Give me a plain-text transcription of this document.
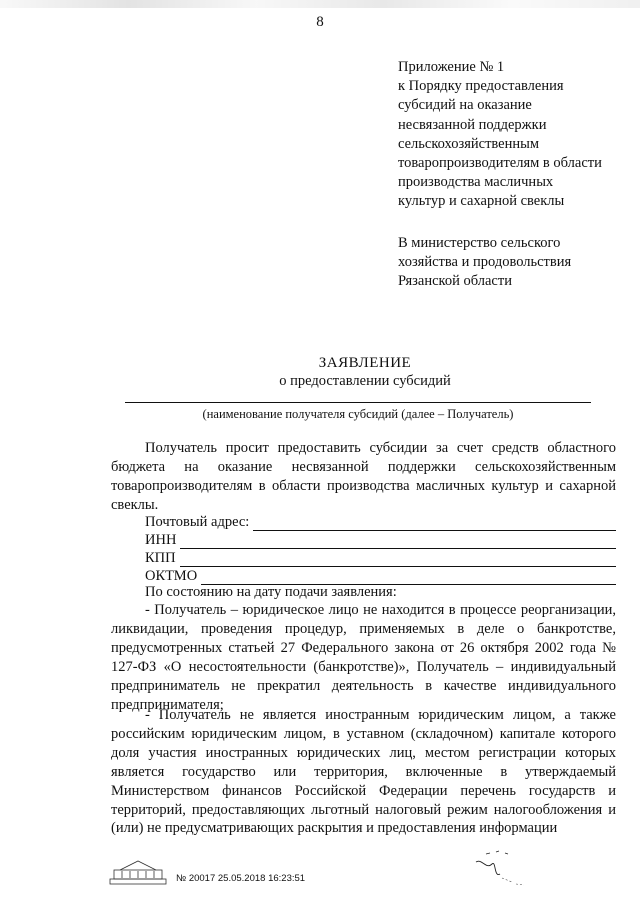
8
Приложение № 1
к Порядку предоставления
субсидий на оказание
несвязанной поддержки
сельскохозяйственным
товаропроизводителям в области
производства масличных
культур и сахарной свеклы
В министерство сельского
хозяйства и продовольствия
Рязанской области
ЗАЯВЛЕНИЕ
о предоставлении субсидий
(наименование получателя субсидий (далее – Получатель)
Получатель просит предоставить субсидии за счет средств областного бюджета на оказание несвязанной поддержки сельскохозяйственным товаропроизводителям в области производства масличных культур и сахарной свеклы.
Почтовый адрес:
ИНН
КПП
ОКТМО
По состоянию на дату подачи заявления:
- Получатель – юридическое лицо не находится в процессе реорганизации, ликвидации, проведения процедур, применяемых в деле о банкротстве, предусмотренных статьей 27 Федерального закона от 26 октября 2002 года № 127-ФЗ «О несостоятельности (банкротстве)», Получатель – индивидуальный предприниматель не прекратил деятельность в качестве индивидуального предпринимателя;
- Получатель не является иностранным юридическим лицом, а также российским юридическим лицом, в уставном (складочном) капитале которого доля участия иностранных юридических лиц, местом регистрации которых является государство или территория, включенные в утверждаемый Министерством финансов Российской Федерации перечень государств и территорий, предоставляющих льготный налоговый режим налогообложения и (или) не предусматривающих раскрытия и предоставления информации
№ 20017 25.05.2018 16:23:51
